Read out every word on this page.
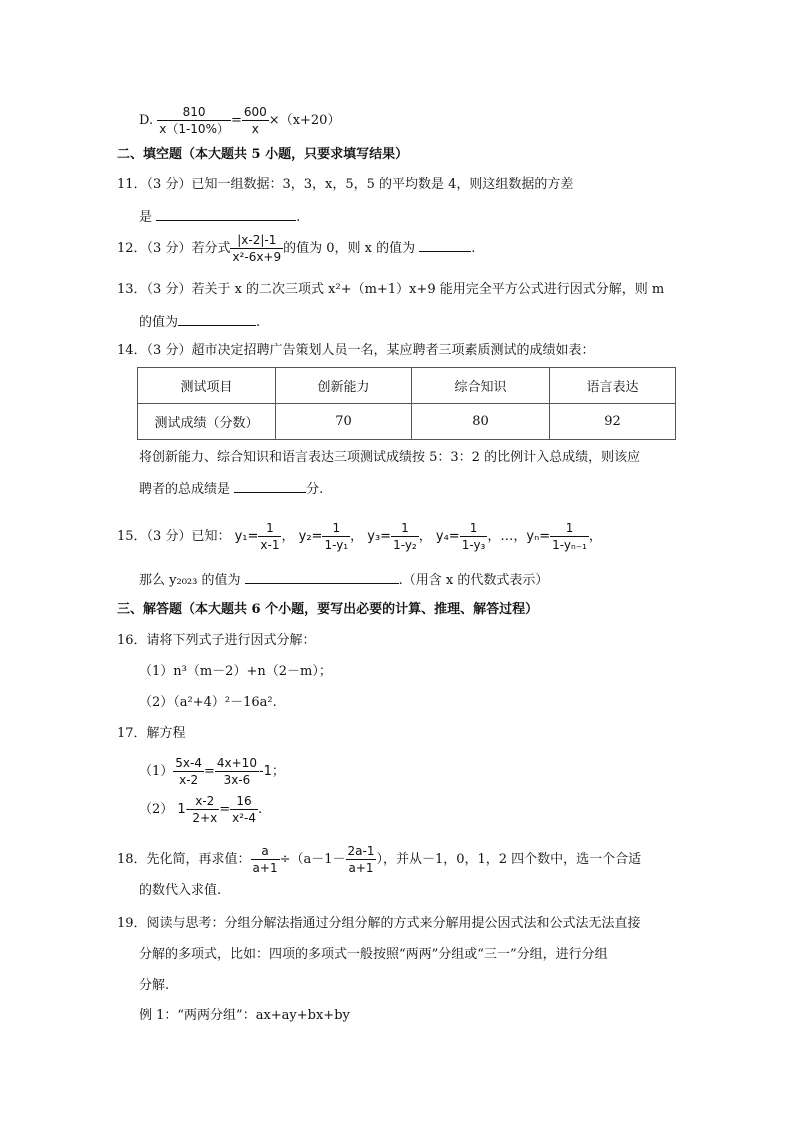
D. $\frac{810}{x(1-10\%)} = \frac{600}{x} \times(x+20)$
二、填空题（本大题共 5 小题，只要求填写结果）
11．（3 分）已知一组数据：3，3，x，5，5 的平均数是 4，则这组数据的方差
是	.
12．（3 分）若分式 $\frac{|x-2|-1}{\text{x²-6x+9}}$ 的值为 0，则 x 的值为	.
13．（3 分）若关于 x 的二次三项式 x²+（m+1）x+9 能用完全平方公式进行因式分解，则 m
的值为	.
14．（3 分）超市决定招聘广告策划人员一名，某应聘者三项素质测试的成绩如表：
测试项目	创新能力	综合知识	语言表达
测试成绩（分数）	70	80	92
将创新能力、综合知识和语言表达三项测试成绩按 5：3：2 的比例计入总成绩，则该应
聘者的总成绩是	分.
15．（3 分）已知： $y_1= \frac{1}{x-1}$ ， $y_2= \frac{1}{\text{1-y₁}}$ ， $y_3= \frac{1}{\text{1-y₂}}$ ， $y_4= \frac{1}{\text{1-y₃}}$ ，…，$y_n= \frac{1}{\text{1-yₙ₋₁}}$ ，
那么 y₂₀₂₃ 的值为	.（用含 x 的代数式表示）
三、解答题（本大题共 6 个小题，要写出必要的计算、推理、解答过程）
16．请将下列式子进行因式分解：
（1）n³（m－2）+n（2－m）；
（2）（a²+4）²－16a².
17．解方程
$(1) \frac{5x-4}{x-2} = \frac{4x+10}{3x-6} -1$；
（2） $1- \frac{x-2}{2+x} = \frac{16}{\text{x²-4}}$ .
18．先化简，再求值： $\frac{a}{a+1} \div(a-1- \frac{2a-1}{a+1}$ ），并从－1，0，1，2 四个数中，选一个合适
的数代入求值.
19．阅读与思考：分组分解法指通过分组分解的方式来分解用提公因式法和公式法无法直接
分解的多项式，比如：四项的多项式一般按照“两两”分组或“三一”分组，进行分组
分解.
例 1：“两两分组”：ax+ay+bx+by
